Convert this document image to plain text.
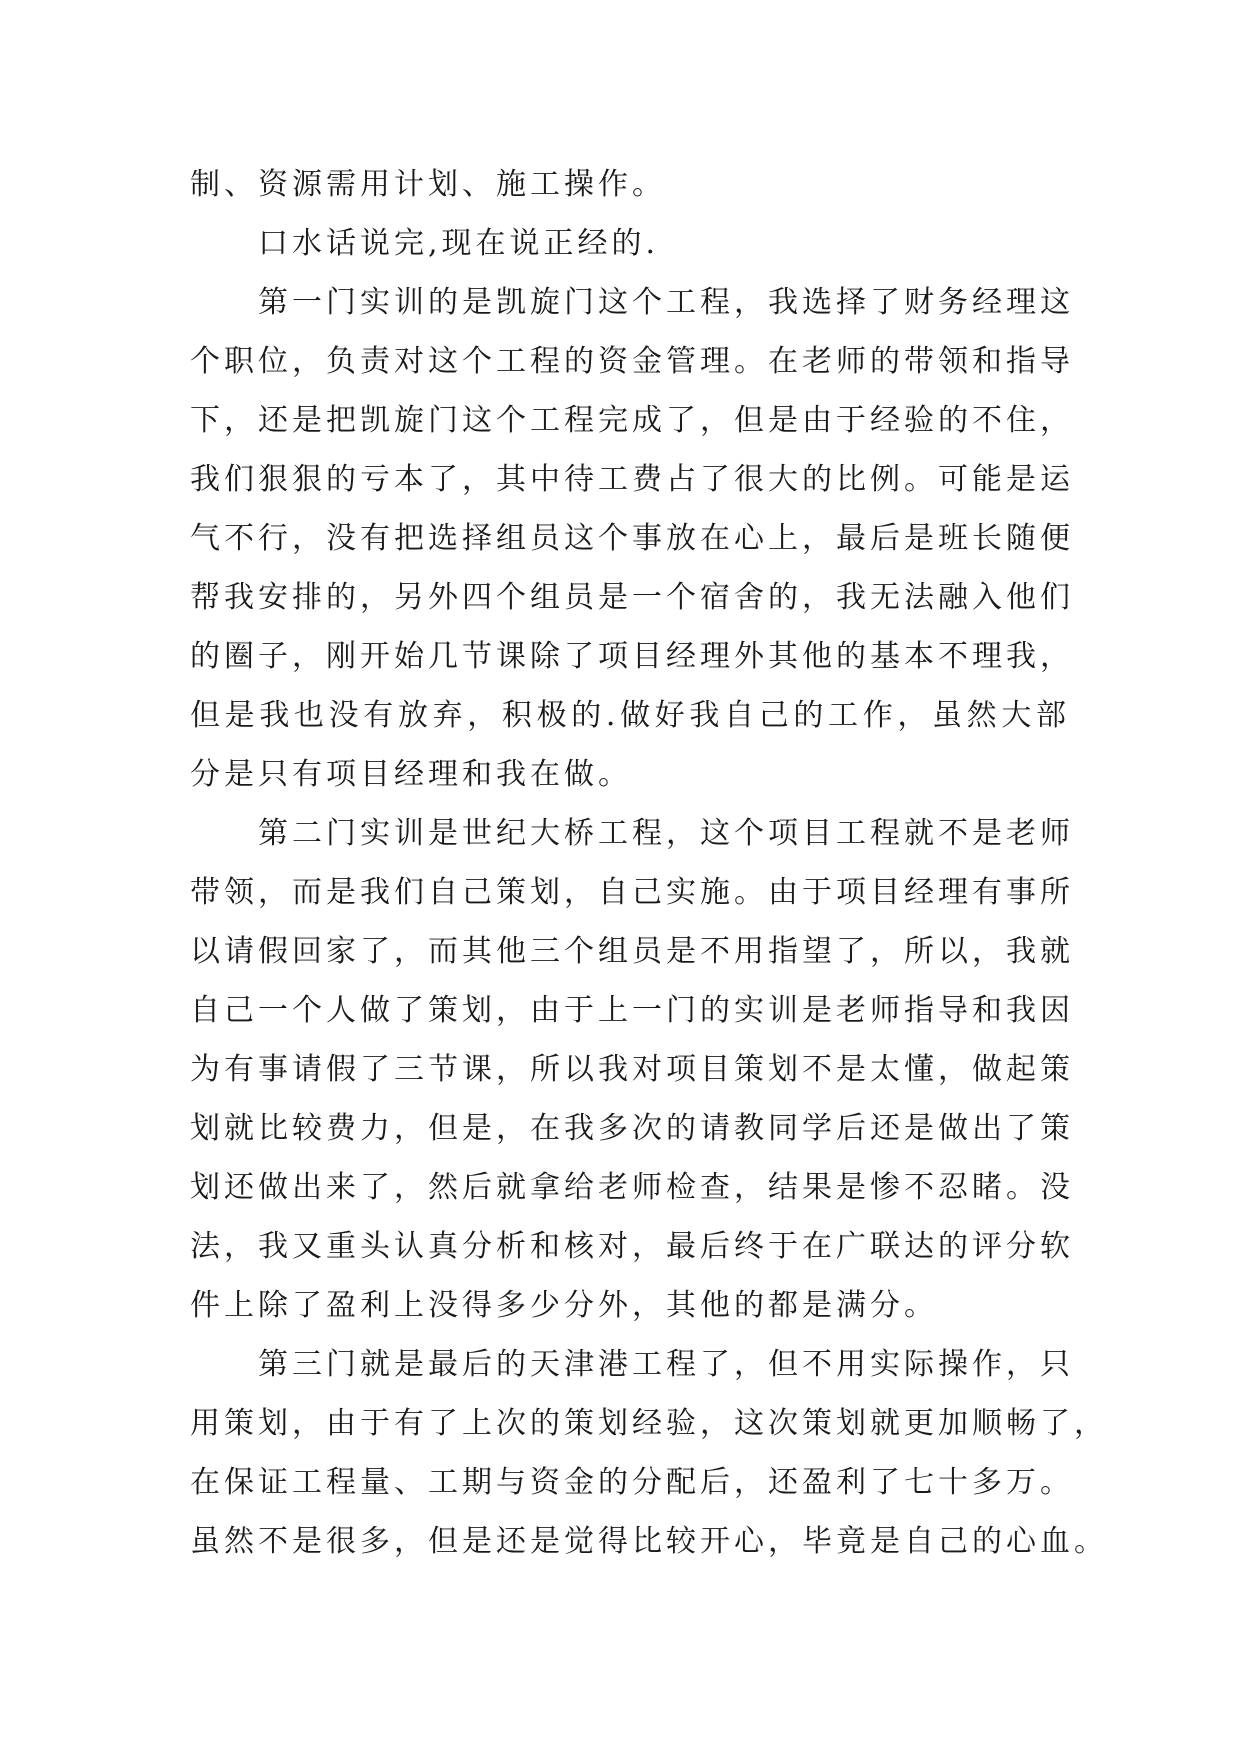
制、资源需用计划、施工操作。
口水话说完,现在说正经的.
第一门实训的是凯旋门这个工程，我选择了财务经理这
个职位，负责对这个工程的资金管理。在老师的带领和指导
下，还是把凯旋门这个工程完成了，但是由于经验的不住，
我们狠狠的亏本了，其中待工费占了很大的比例。可能是运
气不行，没有把选择组员这个事放在心上，最后是班长随便
帮我安排的，另外四个组员是一个宿舍的，我无法融入他们
的圈子，刚开始几节课除了项目经理外其他的基本不理我，
但是我也没有放弃，积极的.做好我自己的工作，虽然大部
分是只有项目经理和我在做。
第二门实训是世纪大桥工程，这个项目工程就不是老师
带领，而是我们自己策划，自己实施。由于项目经理有事所
以请假回家了，而其他三个组员是不用指望了，所以，我就
自己一个人做了策划，由于上一门的实训是老师指导和我因
为有事请假了三节课，所以我对项目策划不是太懂，做起策
划就比较费力，但是，在我多次的请教同学后还是做出了策
划还做出来了，然后就拿给老师检查，结果是惨不忍睹。没
法，我又重头认真分析和核对，最后终于在广联达的评分软
件上除了盈利上没得多少分外，其他的都是满分。
第三门就是最后的天津港工程了，但不用实际操作，只
用策划，由于有了上次的策划经验，这次策划就更加顺畅了，
在保证工程量、工期与资金的分配后，还盈利了七十多万。
虽然不是很多，但是还是觉得比较开心，毕竟是自己的心血。
